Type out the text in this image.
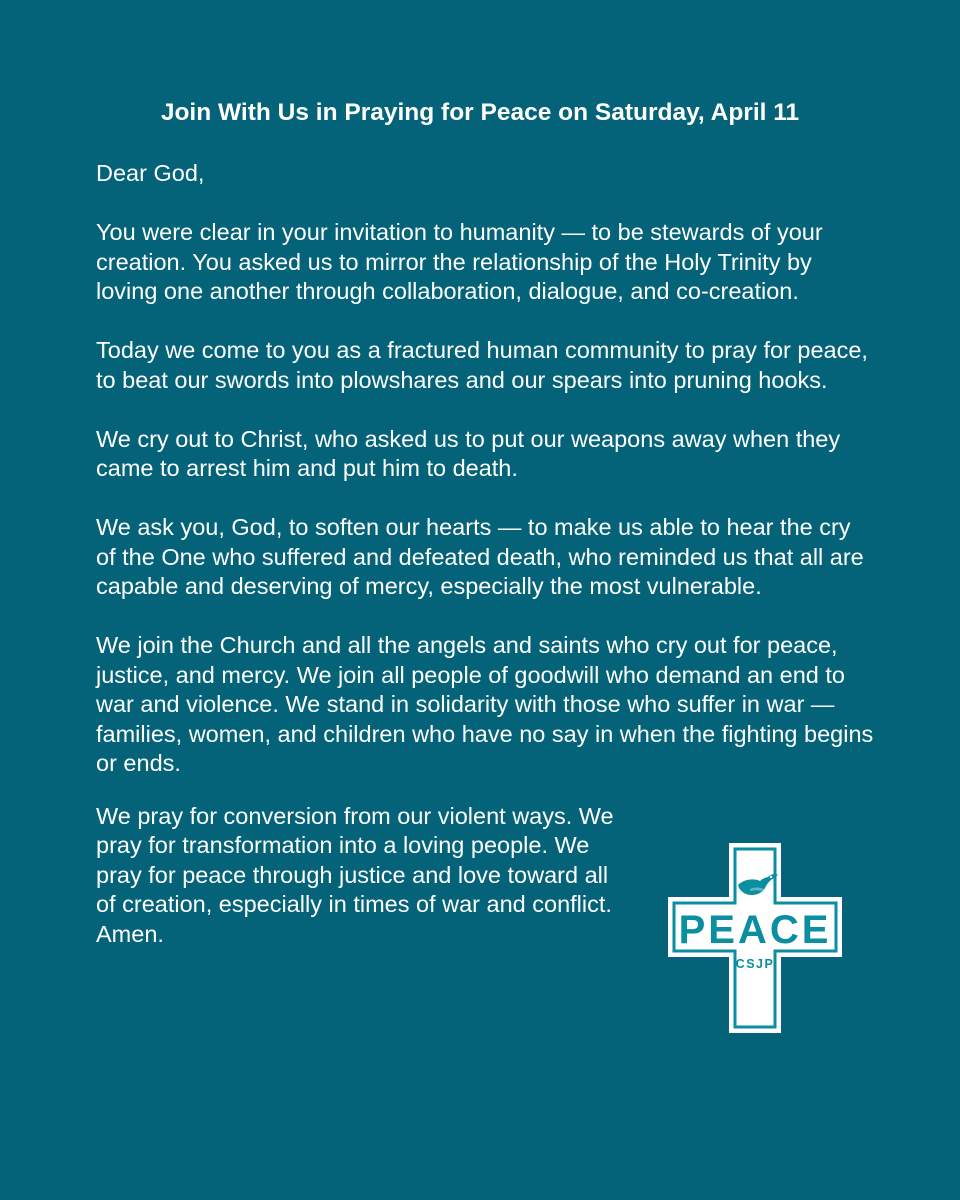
Join With Us in Praying for Peace on Saturday, April 11

Dear God,

You were clear in your invitation to humanity — to be stewards of your creation. You asked us to mirror the relationship of the Holy Trinity by loving one another through collaboration, dialogue, and co-creation.

Today we come to you as a fractured human community to pray for peace, to beat our swords into plowshares and our spears into pruning hooks.

We cry out to Christ, who asked us to put our weapons away when they came to arrest him and put him to death.

We ask you, God, to soften our hearts — to make us able to hear the cry of the One who suffered and defeated death, who reminded us that all are capable and deserving of mercy, especially the most vulnerable.

We join the Church and all the angels and saints who cry out for peace, justice, and mercy. We join all people of goodwill who demand an end to war and violence. We stand in solidarity with those who suffer in war — families, women, and children who have no say in when the fighting begins or ends.

We pray for conversion from our violent ways. We pray for transformation into a loving people. We pray for peace through justice and love toward all of creation, especially in times of war and conflict.

Amen.	PEACE
CSJP
